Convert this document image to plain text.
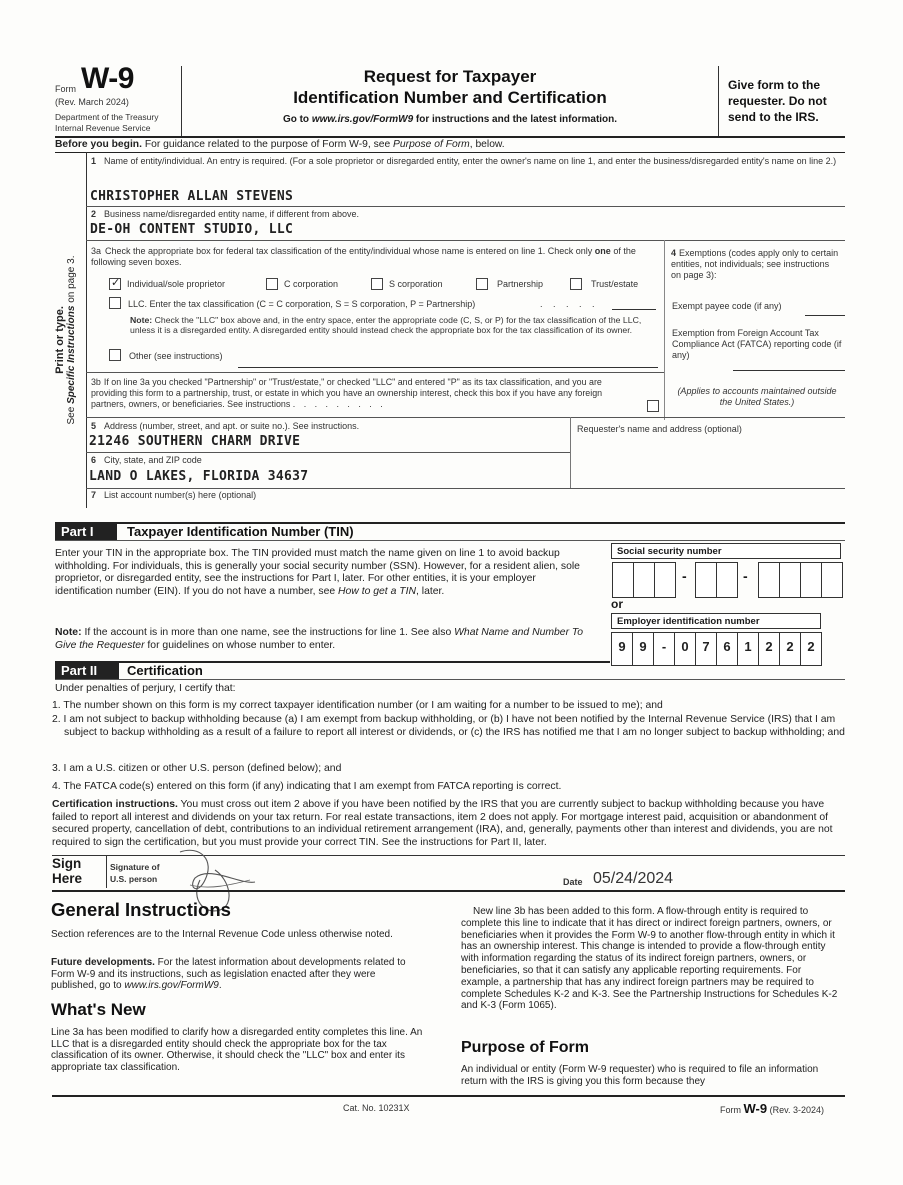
Form W-9
(Rev. March 2024)
Department of the Treasury
Internal Revenue Service
Request for Taxpayer
Identification Number and Certification
Go to www.irs.gov/FormW9 for instructions and the latest information.
Give form to the requester. Do not send to the IRS.
Before you begin. For guidance related to the purpose of Form W-9, see Purpose of Form, below.
Print or type.
See Specific Instructions on page 3.
1 Name of entity/individual. An entry is required. (For a sole proprietor or disregarded entity, enter the owner's name on line 1, and enter the business/disregarded entity's name on line 2.)
CHRISTOPHER ALLAN STEVENS
2 Business name/disregarded entity name, if different from above.
DE-OH CONTENT STUDIO, LLC
3a Check the appropriate box for federal tax classification of the entity/individual whose name is entered on line 1. Check only one of the following seven boxes.
✓ Individual/sole proprietor	C corporation	S corporation	Partnership	Trust/estate
LLC. Enter the tax classification (C = C corporation, S = S corporation, P = Partnership)	. . . . .
Note: Check the "LLC" box above and, in the entry space, enter the appropriate code (C, S, or P) for the tax classification of the LLC, unless it is a disregarded entity. A disregarded entity should instead check the appropriate box for the tax classification of its owner.
Other (see instructions)
4 Exemptions (codes apply only to certain entities, not individuals; see instructions on page 3):
Exempt payee code (if any)
Exemption from Foreign Account Tax Compliance Act (FATCA) reporting code (if any)
(Applies to accounts maintained outside the United States.)
3b If on line 3a you checked "Partnership" or "Trust/estate," or checked "LLC" and entered "P" as its tax classification, and you are providing this form to a partnership, trust, or estate in which you have an ownership interest, check this box if you have any foreign partners, owners, or beneficiaries. See instructions . . . . . . . . .
5 Address (number, street, and apt. or suite no.). See instructions.
21246 SOUTHERN CHARM DRIVE
Requester's name and address (optional)
6 City, state, and ZIP code
LAND O LAKES, FLORIDA 34637
7 List account number(s) here (optional)
Part I	Taxpayer Identification Number (TIN)
Enter your TIN in the appropriate box. The TIN provided must match the name given on line 1 to avoid backup withholding. For individuals, this is generally your social security number (SSN). However, for a resident alien, sole proprietor, or disregarded entity, see the instructions for Part I, later. For other entities, it is your employer identification number (EIN). If you do not have a number, see How to get a TIN, later.
Note: If the account is in more than one name, see the instructions for line 1. See also What Name and Number To Give the Requester for guidelines on whose number to enter.
Social security number
-	-
or
Employer identification number
9	9	-	0	7	6	1	2	2	2
Part II	Certification
Under penalties of perjury, I certify that:
1. The number shown on this form is my correct taxpayer identification number (or I am waiting for a number to be issued to me); and
2. I am not subject to backup withholding because (a) I am exempt from backup withholding, or (b) I have not been notified by the Internal Revenue Service (IRS) that I am subject to backup withholding as a result of a failure to report all interest or dividends, or (c) the IRS has notified me that I am no longer subject to backup withholding; and
3. I am a U.S. citizen or other U.S. person (defined below); and
4. The FATCA code(s) entered on this form (if any) indicating that I am exempt from FATCA reporting is correct.
Certification instructions. You must cross out item 2 above if you have been notified by the IRS that you are currently subject to backup withholding because you have failed to report all interest and dividends on your tax return. For real estate transactions, item 2 does not apply. For mortgage interest paid, acquisition or abandonment of secured property, cancellation of debt, contributions to an individual retirement arrangement (IRA), and, generally, payments other than interest and dividends, you are not required to sign the certification, but you must provide your correct TIN. See the instructions for Part II, later.
Sign
Here
Signature of
U.S. person	Date 05/24/2024
General Instructions
Section references are to the Internal Revenue Code unless otherwise noted.
Future developments. For the latest information about developments related to Form W-9 and its instructions, such as legislation enacted after they were published, go to www.irs.gov/FormW9.
What's New
Line 3a has been modified to clarify how a disregarded entity completes this line. An LLC that is a disregarded entity should check the appropriate box for the tax classification of its owner. Otherwise, it should check the "LLC" box and enter its appropriate tax classification.
New line 3b has been added to this form. A flow-through entity is required to complete this line to indicate that it has direct or indirect foreign partners, owners, or beneficiaries when it provides the Form W-9 to another flow-through entity in which it has an ownership interest. This change is intended to provide a flow-through entity with information regarding the status of its indirect foreign partners, owners, or beneficiaries, so that it can satisfy any applicable reporting requirements. For example, a partnership that has any indirect foreign partners may be required to complete Schedules K-2 and K-3. See the Partnership Instructions for Schedules K-2 and K-3 (Form 1065).
Purpose of Form
An individual or entity (Form W-9 requester) who is required to file an information return with the IRS is giving you this form because they
Cat. No. 10231X	Form W-9 (Rev. 3-2024)
